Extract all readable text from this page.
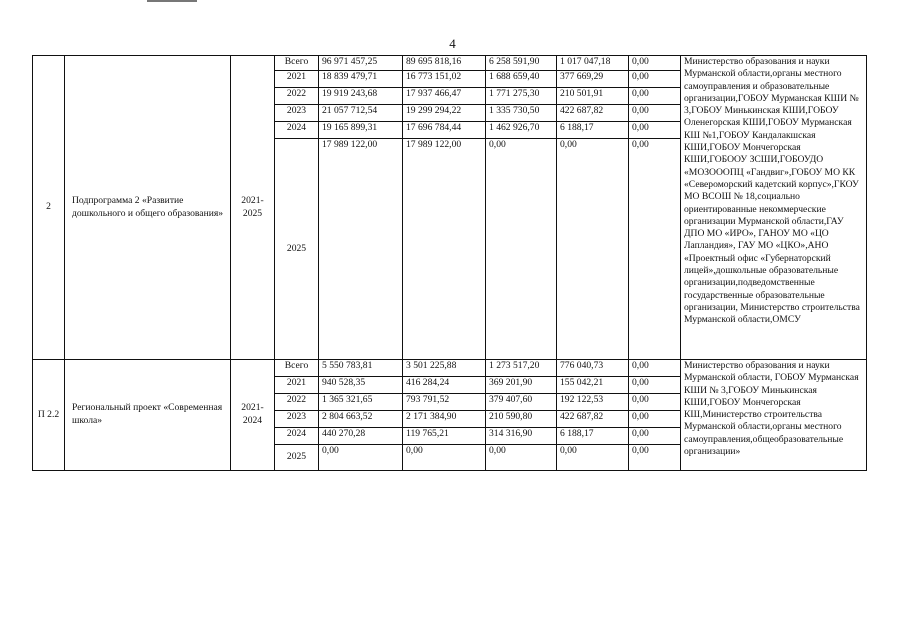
4
2	Подпрограмма 2 «Развитие дошкольного и общего образования»	2021-2025	Всего	96 971 457,25	89 695 818,16	6 258 591,90	1 017 047,18	0,00	Министерство образования и науки Мурманской области,органы местного самоуправления и образовательные организации,ГОБОУ Мурманская КШИ № 3,ГОБОУ Минькинская КШИ,ГОБОУ Оленегорская КШИ,ГОБОУ Мурманская КШ №1,ГОБОУ Кандалакшская КШИ,ГОБОУ Мончегорская КШИ,ГОБООУ ЗСШИ,ГОБОУДО «МОЗОООПЦ «Гандвиг»,ГОБОУ МО КК «Североморский кадетский корпус»,ГКОУ МО ВСОШ № 18,социально ориентированные некоммерческие организации Мурманской области,ГАУ ДПО МО «ИРО», ГАНОУ МО «ЦО Лапландия», ГАУ МО «ЦКО»,АНО «Проектный офис «Губернаторский лицей»,дошкольные образовательные организации,подведомственные государственные образовательные организации, Министерство строительства Мурманской области,ОМСУ
			2021	18 839 479,71	16 773 151,02	1 688 659,40	377 669,29	0,00	
			2022	19 919 243,68	17 937 466,47	1 771 275,30	210 501,91	0,00	
			2023	21 057 712,54	19 299 294,22	1 335 730,50	422 687,82	0,00	
			2024	19 165 899,31	17 696 784,44	1 462 926,70	6 188,17	0,00	
			2025	17 989 122,00	17 989 122,00	0,00	0,00	0,00	
П 2.2	Региональный проект «Современная школа»	2021-2024	Всего	5 550 783,81	3 501 225,88	1 273 517,20	776 040,73	0,00	Министерство образования и науки Мурманской области, ГОБОУ Мурманская КШИ № 3,ГОБОУ Минькинская КШИ,ГОБОУ Мончегорская КШ,Министерство строительства Мурманской области,органы местного самоуправления,общеобразовательные организации»
			2021	940 528,35	416 284,24	369 201,90	155 042,21	0,00	
			2022	1 365 321,65	793 791,52	379 407,60	192 122,53	0,00	
			2023	2 804 663,52	2 171 384,90	210 590,80	422 687,82	0,00	
			2024	440 270,28	119 765,21	314 316,90	6 188,17	0,00	
			2025	0,00	0,00	0,00	0,00	0,00	
